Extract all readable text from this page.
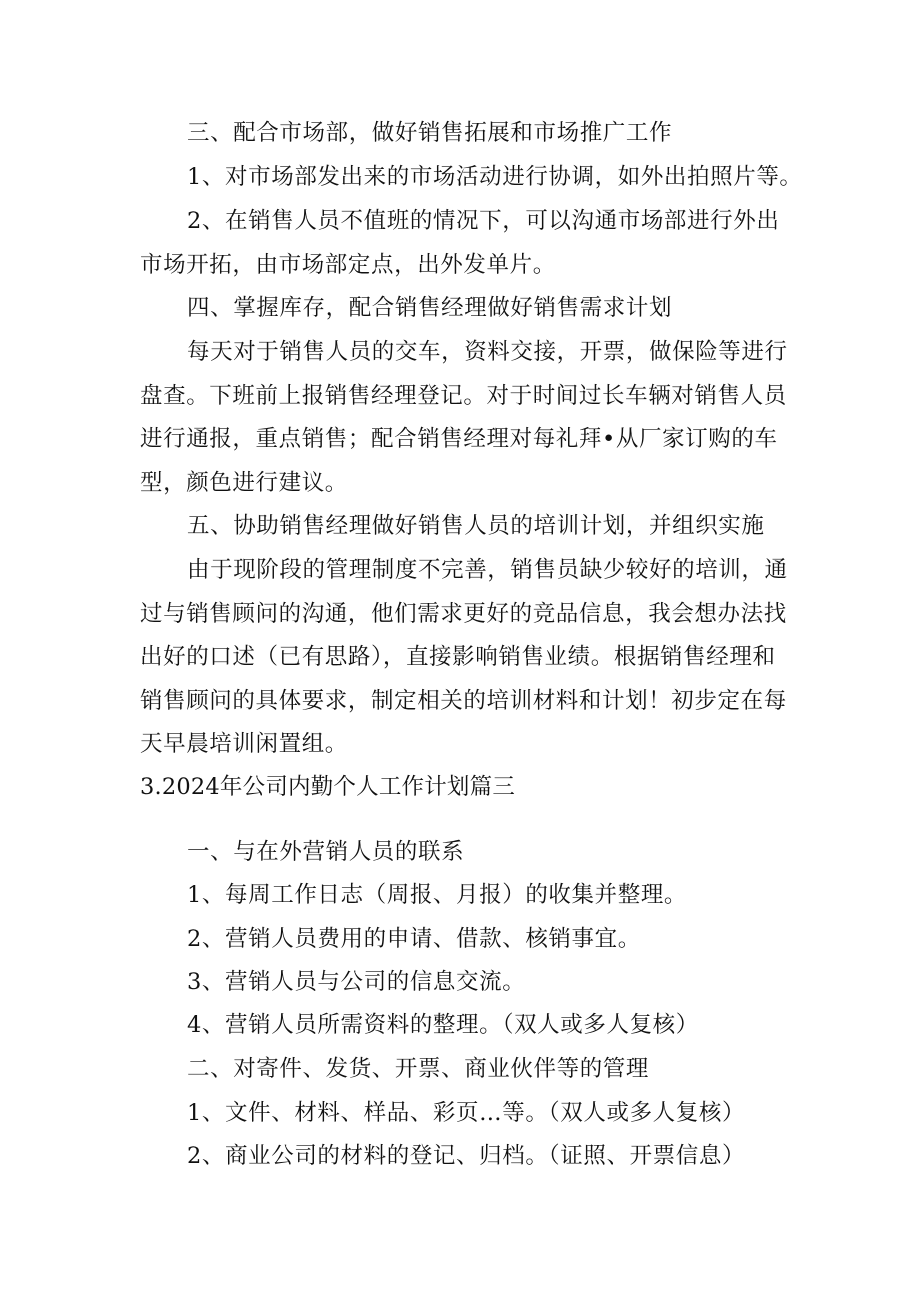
三、配合市场部，做好销售拓展和市场推广工作
1、对市场部发出来的市场活动进行协调，如外出拍照片等。
2、在销售人员不值班的情况下，可以沟通市场部进行外出
市场开拓，由市场部定点，出外发单片。
四、掌握库存，配合销售经理做好销售需求计划
每天对于销售人员的交车，资料交接，开票，做保险等进行
盘查。下班前上报销售经理登记。对于时间过长车辆对销售人员
进行通报，重点销售；配合销售经理对每礼拜•从厂家订购的车
型，颜色进行建议。
五、协助销售经理做好销售人员的培训计划，并组织实施
由于现阶段的管理制度不完善，销售员缺少较好的培训，通
过与销售顾问的沟通，他们需求更好的竞品信息，我会想办法找
出好的口述（已有思路），直接影响销售业绩。根据销售经理和
销售顾问的具体要求，制定相关的培训材料和计划！初步定在每
天早晨培训闲置组。
3.2024年公司内勤个人工作计划篇三
一、与在外营销人员的联系
1、每周工作日志（周报、月报）的收集并整理。
2、营销人员费用的申请、借款、核销事宜。
3、营销人员与公司的信息交流。
4、营销人员所需资料的整理。（双人或多人复核）
二、对寄件、发货、开票、商业伙伴等的管理
1、文件、材料、样品、彩页…等。（双人或多人复核）
2、商业公司的材料的登记、归档。（证照、开票信息）
